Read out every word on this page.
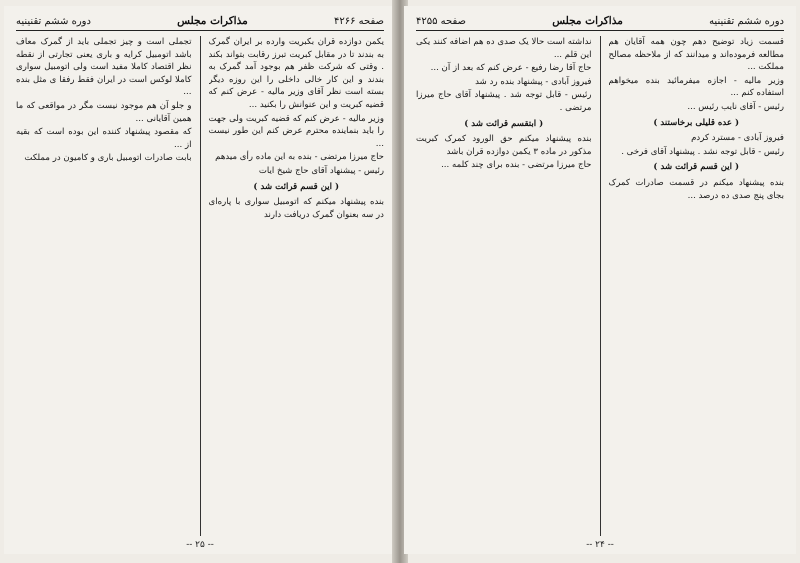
صفحه ۴۲۶۶
مذاکرات مجلس
دوره ششم تقنینیه

یکمن دوازده قران بکبریت وارده بر ایران گمرک به بندند تا در مقابل کبریت تبرز رقابت بتواند بکند . وقتی که شرکت ظفر هم بوجود آمد گمرک به بندند و این کار خالی داخلی را این روزه دیگر بسته است نظر آقای وزیر مالیه - عرض کنم که قضیه کبریت و این عنوانش را بکنید ...

وزیر مالیه - عرض کنم که قضیه کبریت ولی جهت را باید بنماینده محترم عرض کنم این طور نیست ...

حاج میرزا مرتضی - بنده به این ماده رأی میدهم

رئیس - پیشنهاد آقای حاج شیخ ایات

( این قسم قرائت شد )

بنده پیشنهاد میکنم که اتومبیل سواری با پاره‌ای در سه بعنوان گمرک دریافت دارند

تجملی است و چیز تجملی باید از گمرک معاف باشد اتومبیل کرایه و باری یعنی تجارتی از نقطه نظر اقتصاد کاملا مفید است ولی اتومبیل سواری کاملا لوکس است در ایران فقط رفقا ی مثل بنده ...

و جلو آن هم موجود نیست مگر در مواقعی که ما همین آقایانی ...

که مقصود پیشنهاد کننده این بوده است که بقیه از ...

بابت صادرات اتومبیل باری و کامیون در مملکت

-- ۲۵ --
دوره ششم تقنینیه
مذاکرات مجلس
صفحه ۴۲۵۵

قسمت زیاد توضیح دهم چون همه آقایان هم مطالعه فرموده‌اند و میدانند که از ملاحظه مصالح مملکت ...

وزیر مالیه - اجازه میفرمائید بنده میخواهم استفاده کنم ...

رئیس - آقای نایب رئیس ...

( عده قلیلی برخاستند )

فیروز آبادی - مسترد کردم

رئیس - قابل توجه نشد . پیشنهاد آقای فرخی .

( این قسم قرائت شد )

بنده پیشنهاد میکنم در قسمت صادرات کمرک بجای پنج صدی ده درصد ...

نداشته است حالا یک صدی ده هم اضافه کنند یکی این قلم ...

حاج آقا رضا رفیع - عرض کنم که بعد از آن ...

فیروز آبادی - پیشنهاد بنده رد شد

رئیس - قابل توجه شد . پیشنهاد آقای حاج میرزا مرتضی .

( ابتقسم قرائت شد )

بنده پیشنهاد میکنم حق الورود کمرک کبریت مذکور در ماده ۳ یکمن دوازده قران باشد

حاج میرزا مرتضی - بنده برای چند کلمه ...

-- ۲۴ --
